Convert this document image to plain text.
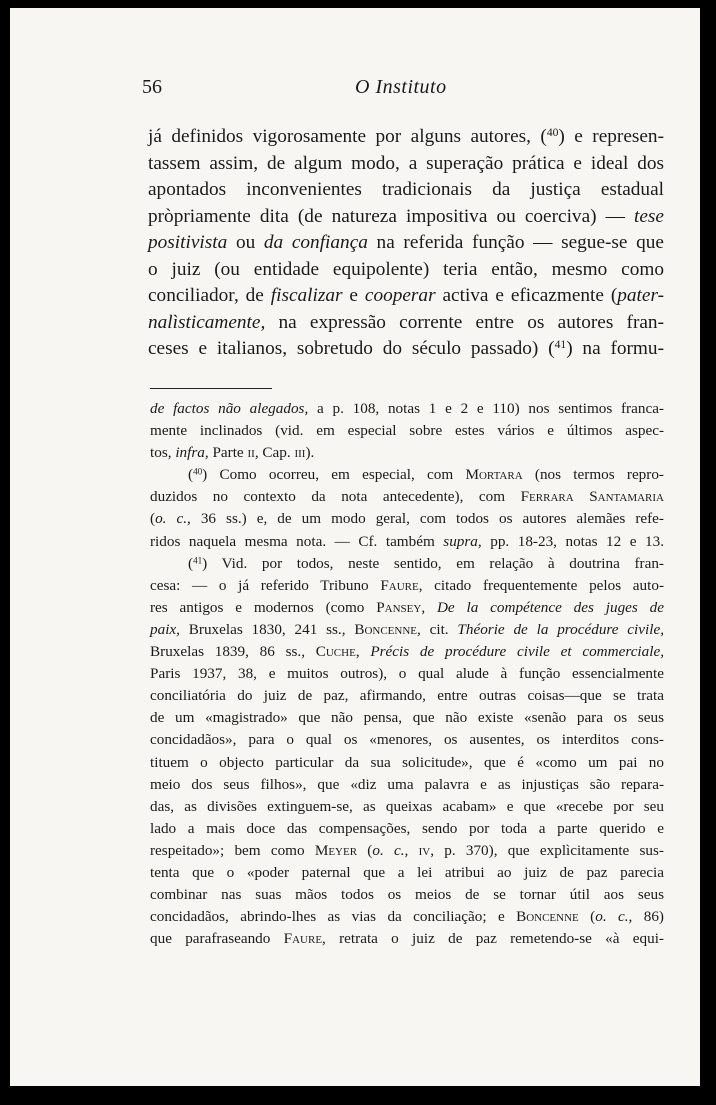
56	O Instituto
já definidos vigorosamente por alguns autores, ($^{40}$) e represen-
tassem assim, de algum modo, a superação prática e ideal dos
apontados inconvenientes tradicionais da justiça estadual
pròpriamente dita (de natureza impositiva ou coerciva) — tese
positivista ou da confiança na referida função — segue-se que
o juiz (ou entidade equipolente) teria então, mesmo como
conciliador, de fiscalizar e cooperar activa e eficazmente (pater-
nalìsticamente, na expressão corrente entre os autores fran-
ceses e italianos, sobretudo do século passado) ($^{41}$) na formu-
de factos não alegados, a p. 108, notas 1 e 2 e 110) nos sentimos franca-
mente inclinados (vid. em especial sobre estes vários e últimos aspec-
tos, infra, Parte ii, Cap. iii).
($^{40}$) Como ocorreu, em especial, com Mortara (nos termos repro-
duzidos no contexto da nota antecedente), com Ferrara Santamaria
(o. c., 36 ss.) e, de um modo geral, com todos os autores alemães refe-
ridos naquela mesma nota. — Cf. também supra, pp. 18-23, notas 12 e 13.
($^{41}$) Vid. por todos, neste sentido, em relação à doutrina fran-
cesa: — o já referido Tribuno Faure, citado frequentemente pelos auto-
res antigos e modernos (como Pansey, De la compétence des juges de
paix, Bruxelas 1830, 241 ss., Boncenne, cit. Théorie de la procédure civile,
Bruxelas 1839, 86 ss., Cuche, Précis de procédure civile et commerciale,
Paris 1937, 38, e muitos outros), o qual alude à função essencialmente
conciliatória do juiz de paz, afirmando, entre outras coisas—que se trata
de um «magistrado» que não pensa, que não existe «senão para os seus
concidadãos», para o qual os «menores, os ausentes, os interditos cons-
tituem o objecto particular da sua solicitude», que é «como um pai no
meio dos seus filhos», que «diz uma palavra e as injustiças são repara-
das, as divisões extinguem-se, as queixas acabam» e que «recebe por seu
lado a mais doce das compensações, sendo por toda a parte querido e
respeitado»; bem como Meyer (o. c., iv, p. 370), que explìcitamente sus-
tenta que o «poder paternal que a lei atribui ao juiz de paz parecia
combinar nas suas mãos todos os meios de se tornar útil aos seus
concidadãos, abrindo-lhes as vias da conciliação; e Boncenne (o. c., 86)
que parafraseando Faure, retrata o juiz de paz remetendo-se «à equi-
